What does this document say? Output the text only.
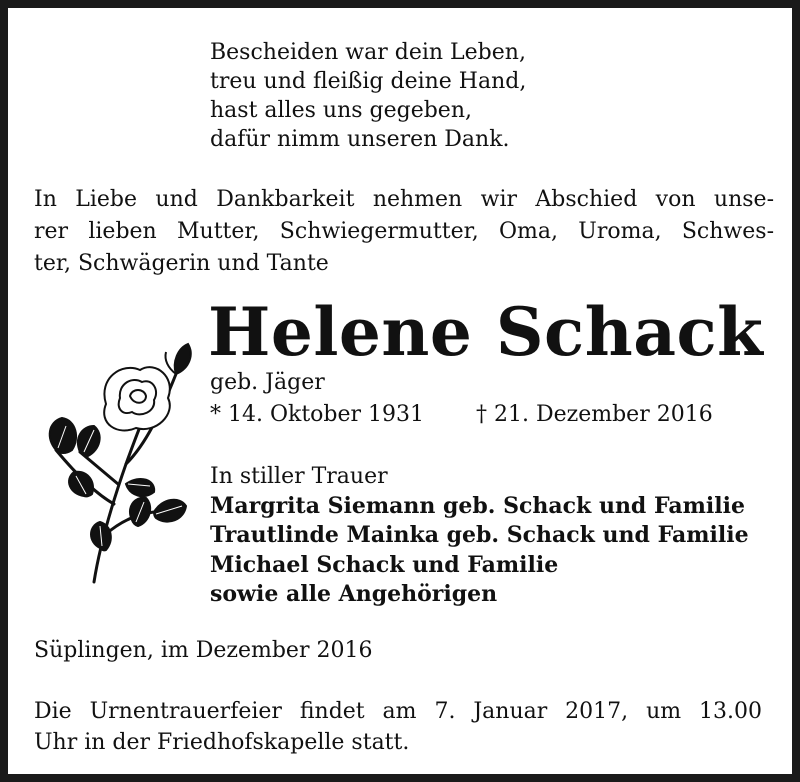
Bescheiden war dein Leben,
treu und fleißig deine Hand,
hast alles uns gegeben,
dafür nimm unseren Dank.
In Liebe und Dankbarkeit nehmen wir Abschied von unse-
rer lieben Mutter, Schwiegermutter, Oma, Uroma, Schwes-
ter, Schwägerin und Tante
Helene Schack
geb. Jäger
* 14. Oktober 1931 † 21. Dezember 2016
In stiller Trauer
Margrita Siemann geb. Schack und Familie
Trautlinde Mainka geb. Schack und Familie
Michael Schack und Familie
sowie alle Angehörigen
Süplingen, im Dezember 2016
Die Urnentrauerfeier findet am 7. Januar 2017, um 13.00
Uhr in der Friedhofskapelle statt.
